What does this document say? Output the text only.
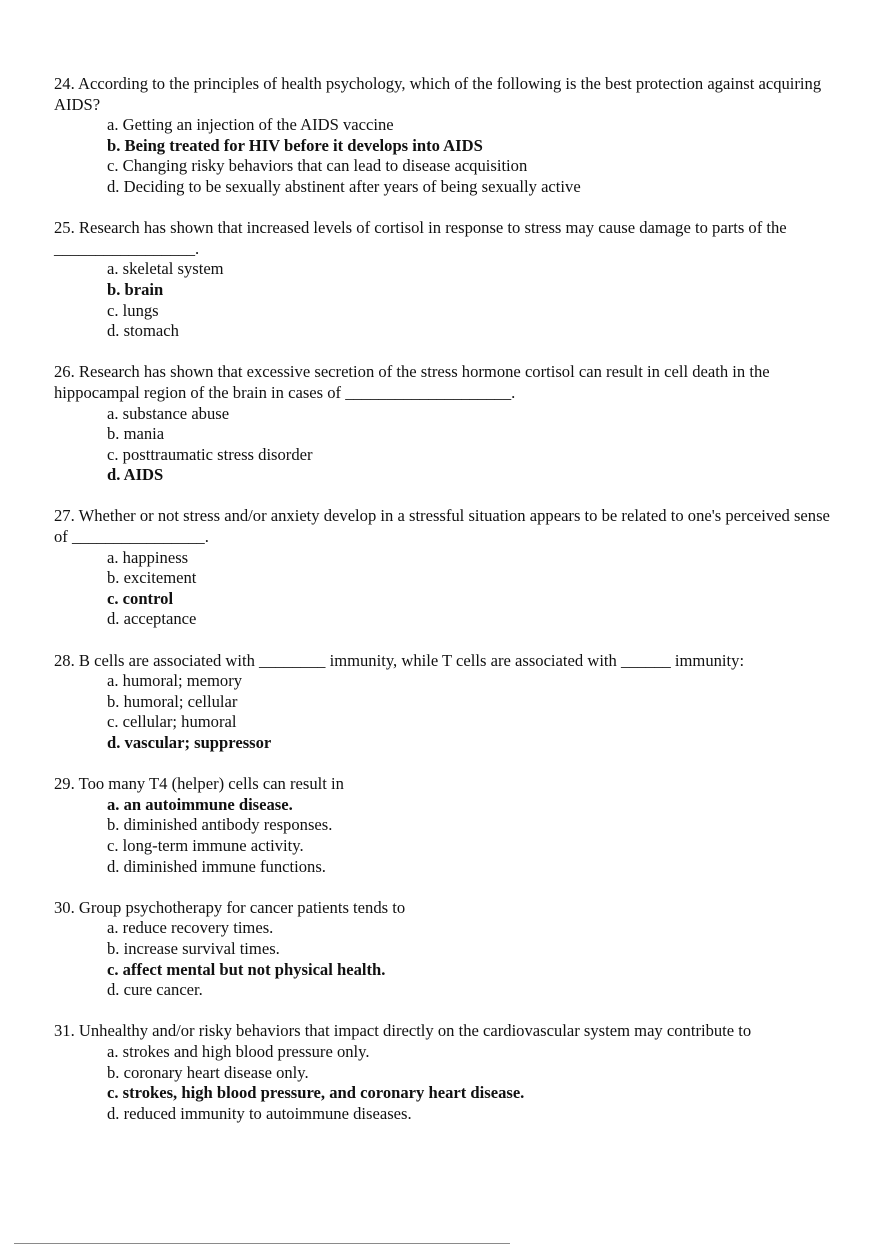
24. According to the principles of health psychology, which of the following is the best protection against acquiring AIDS?
a. Getting an injection of the AIDS vaccine
b. Being treated for HIV before it develops into AIDS
c. Changing risky behaviors that can lead to disease acquisition
d. Deciding to be sexually abstinent after years of being sexually active
25. Research has shown that increased levels of cortisol in response to stress may cause damage to parts of the _________________.
a. skeletal system
b. brain
c. lungs
d. stomach
26. Research has shown that excessive secretion of the stress hormone cortisol can result in cell death in the hippocampal region of the brain in cases of ____________________.
a. substance abuse
b. mania
c. posttraumatic stress disorder
d. AIDS
27. Whether or not stress and/or anxiety develop in a stressful situation appears to be related to one's perceived sense of ________________.
a. happiness
b. excitement
c. control
d. acceptance
28. B cells are associated with ________ immunity, while T cells are associated with ______ immunity:
a. humoral; memory
b. humoral; cellular
c. cellular; humoral
d. vascular; suppressor
29. Too many T4 (helper) cells can result in
a. an autoimmune disease.
b. diminished antibody responses.
c. long-term immune activity.
d. diminished immune functions.
30. Group psychotherapy for cancer patients tends to
a. reduce recovery times.
b. increase survival times.
c. affect mental but not physical health.
d. cure cancer.
31. Unhealthy and/or risky behaviors that impact directly on the cardiovascular system may contribute to
a. strokes and high blood pressure only.
b. coronary heart disease only.
c. strokes, high blood pressure, and coronary heart disease.
d. reduced immunity to autoimmune diseases.
